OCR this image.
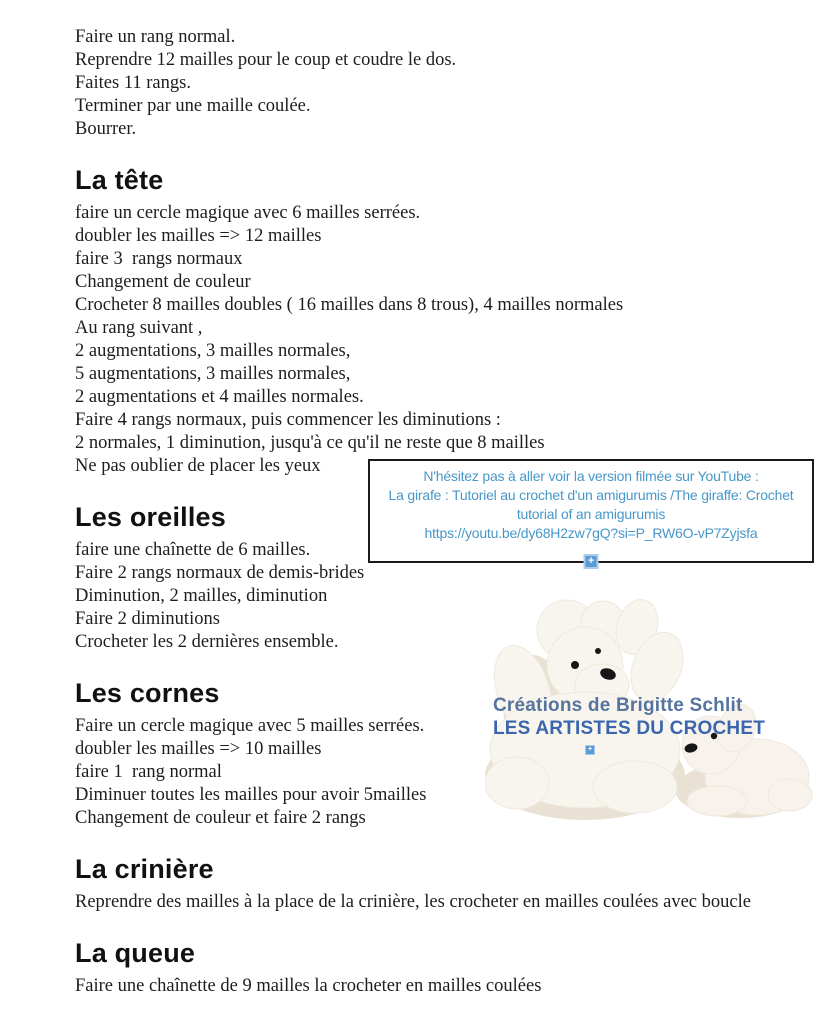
Faire un rang normal.
Reprendre 12 mailles pour le coup et coudre le dos.
Faites 11 rangs.
Terminer par une maille coulée.
Bourrer.
La tête
faire un cercle magique avec 6 mailles serrées.
doubler les mailles => 12 mailles
faire 3  rangs normaux
Changement de couleur
Crocheter 8 mailles doubles ( 16 mailles dans 8 trous), 4 mailles normales
Au rang suivant ,
2 augmentations, 3 mailles normales,
5 augmentations, 3 mailles normales,
2 augmentations et 4 mailles normales.
Faire 4 rangs normaux, puis commencer les diminutions :
2 normales, 1 diminution, jusqu'à ce qu'il ne reste que 8 mailles
Ne pas oublier de placer les yeux
Les oreilles
faire une chaînette de 6 mailles.
Faire 2 rangs normaux de demis-brides
Diminution, 2 mailles, diminution
Faire 2 diminutions
Crocheter les 2 dernières ensemble.
Les cornes
Faire un cercle magique avec 5 mailles serrées.
doubler les mailles => 10 mailles
faire 1  rang normal
Diminuer toutes les mailles pour avoir 5mailles
Changement de couleur et faire 2 rangs
La crinière

Reprendre des mailles à la place de la crinière, les crocheter en mailles coulées avec boucle

La queue

Faire une chaînette de 9 mailles la crocheter en mailles coulées

N'hésitez pas à aller voir la version filmée sur YouTube :
La girafe : Tutoriel au crochet d'un amigurumis /The giraffe: Crochet tutorial of an amigurumis
https://youtu.be/dy68H2zw7gQ?si=P_RW6O-vP7Zyjsfa
+
Créations de Brigitte Schlit
LES ARTISTES DU CROCHET
+
